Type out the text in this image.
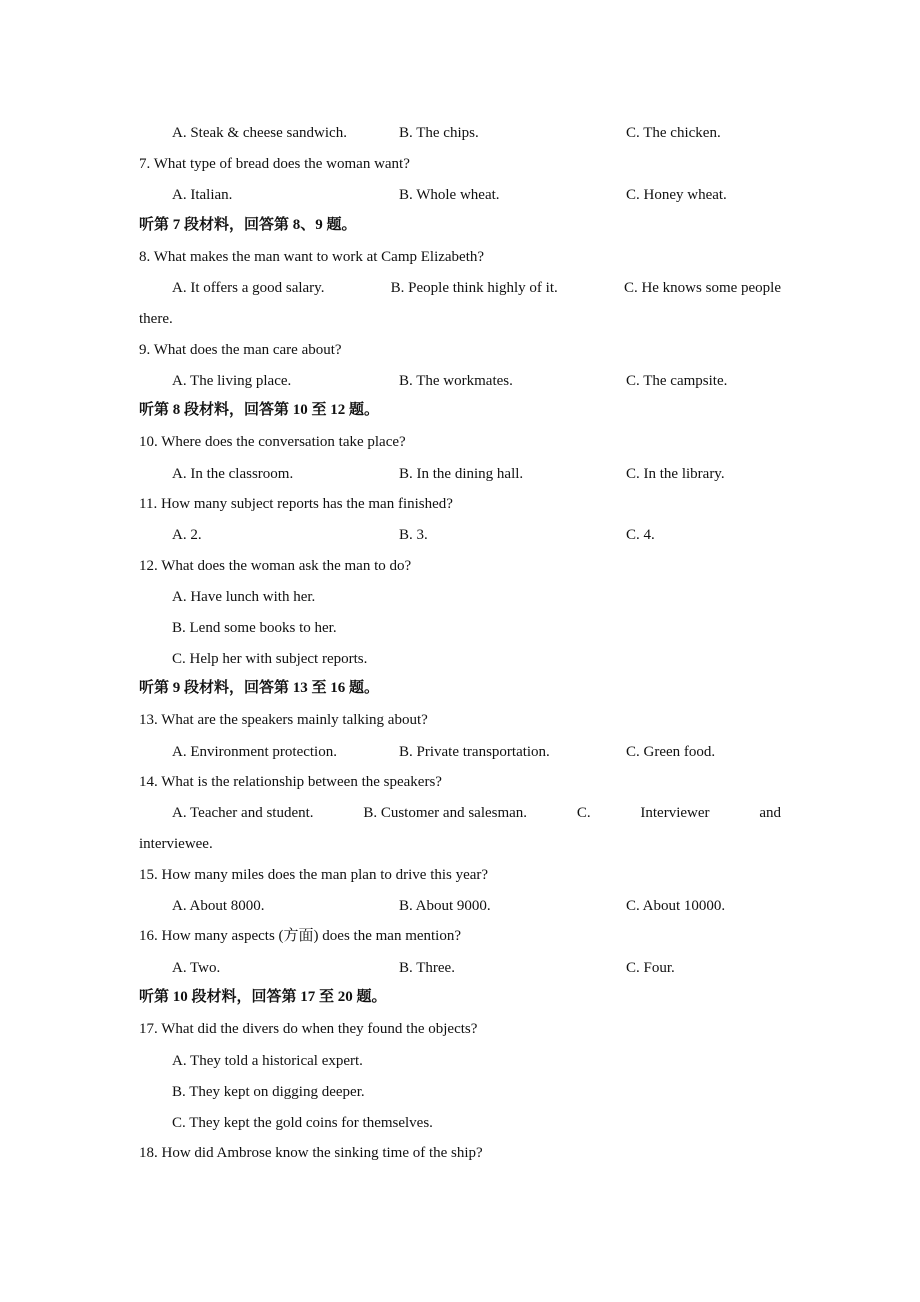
A. Steak & cheese sandwich.	B. The chips.	C. The chicken.
7. What type of bread does the woman want?
A. Italian.	B. Whole wheat.	C. Honey wheat.
听第 7 段材料，回答第 8、9 题。
8. What makes the man want to work at Camp Elizabeth?
A. It offers a good salary.	B. People think highly of it.	C. He knows some people
there.
9. What does the man care about?
A. The living place.	B. The workmates.	C. The campsite.
听第 8 段材料，回答第 10 至 12 题。
10. Where does the conversation take place?
A. In the classroom.	B. In the dining hall.	C. In the library.
11. How many subject reports has the man finished?
A. 2.	B. 3.	C. 4.
12. What does the woman ask the man to do?
A. Have lunch with her.
B. Lend some books to her.
C. Help her with subject reports.
听第 9 段材料，回答第 13 至 16 题。
13. What are the speakers mainly talking about?
A. Environment protection.	B. Private transportation.	C. Green food.
14. What is the relationship between the speakers?
A. Teacher and student.	B. Customer and salesman.	C.	Interviewer	and
interviewee.
15. How many miles does the man plan to drive this year?
A. About 8000.	B. About 9000.	C. About 10000.
16. How many aspects (方面) does the man mention?
A. Two.	B. Three.	C. Four.
听第 10 段材料，回答第 17 至 20 题。
17. What did the divers do when they found the objects?
A. They told a historical expert.
B. They kept on digging deeper.
C. They kept the gold coins for themselves.
18. How did Ambrose know the sinking time of the ship?
